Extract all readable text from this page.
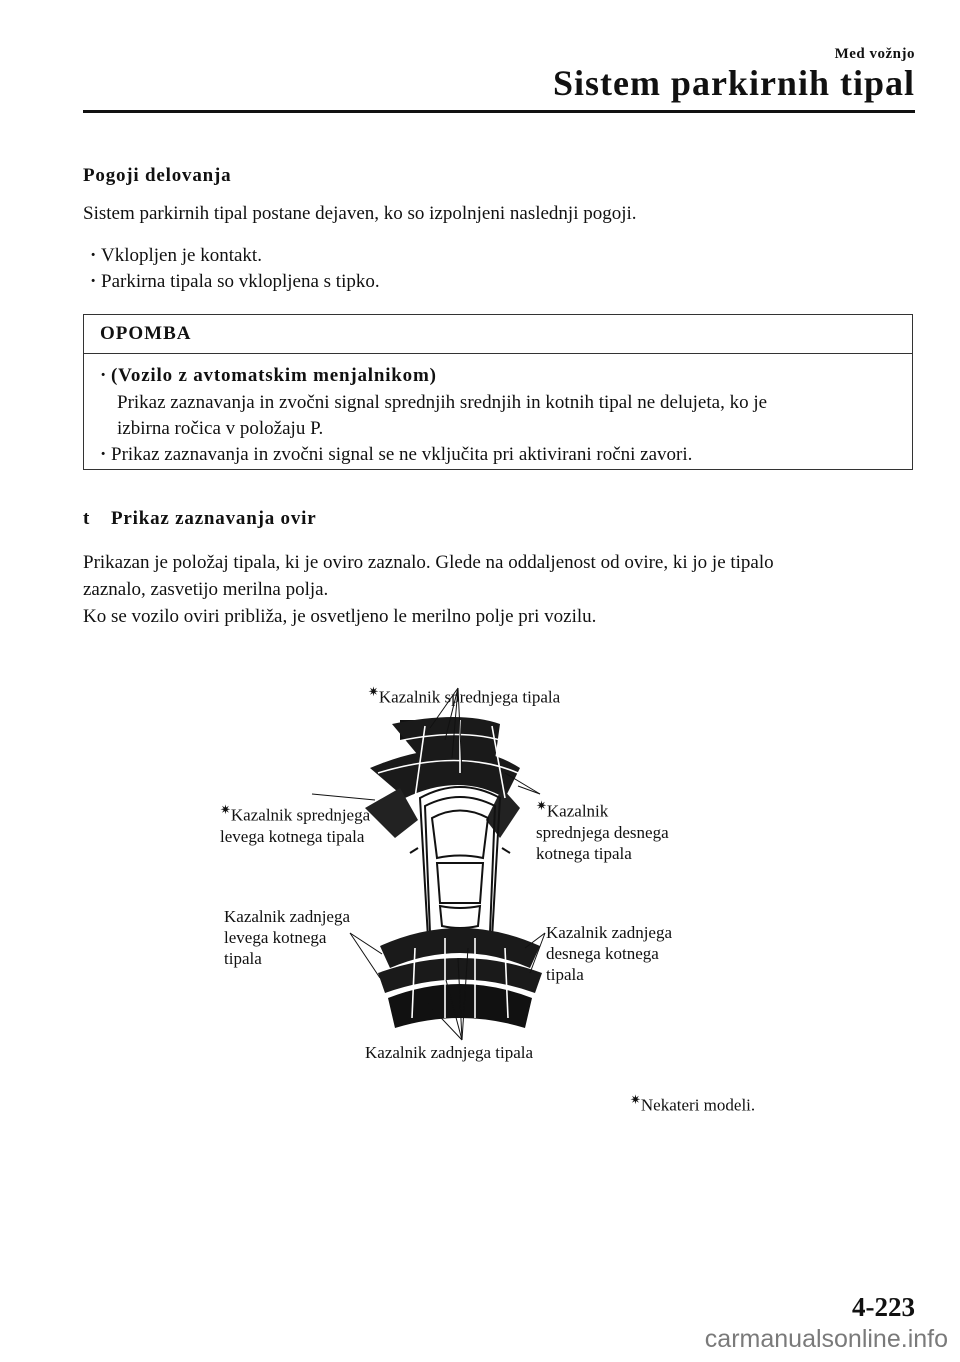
Med vožnjo
Sistem parkirnih tipal
Pogoji delovanja
Sistem parkirnih tipal postane dejaven, ko so izpolnjeni naslednji pogoji.
· Vklopljen je kontakt.
· Parkirna tipala so vklopljena s tipko.
OPOMBA
· (Vozilo z avtomatskim menjalnikom)
Prikaz zaznavanja in zvočni signal sprednjih srednjih in kotnih tipal ne delujeta, ko je
izbirna ročica v položaju P.
· Prikaz zaznavanja in zvočni signal se ne vključita pri aktivirani ročni zavori.
t Prikaz zaznavanja ovir
Prikazan je položaj tipala, ki je oviro zaznalo. Glede na oddaljenost od ovire, ki jo je tipalo
zaznalo, zasvetijo merilna polja.
Ko se vozilo oviri približa, je osvetljeno le merilno polje pri vozilu.

✷Kazalnik sprednjega tipala

✷Kazalnik sprednjega
levega kotnega tipala

✷Kazalnik
sprednjega desnega
kotnega tipala

Kazalnik zadnjega
levega kotnega
tipala
Kazalnik zadnjega
desnega kotnega
tipala
Kazalnik zadnjega tipala

✷Nekateri modeli.

4-223
carmanualsonline.info
